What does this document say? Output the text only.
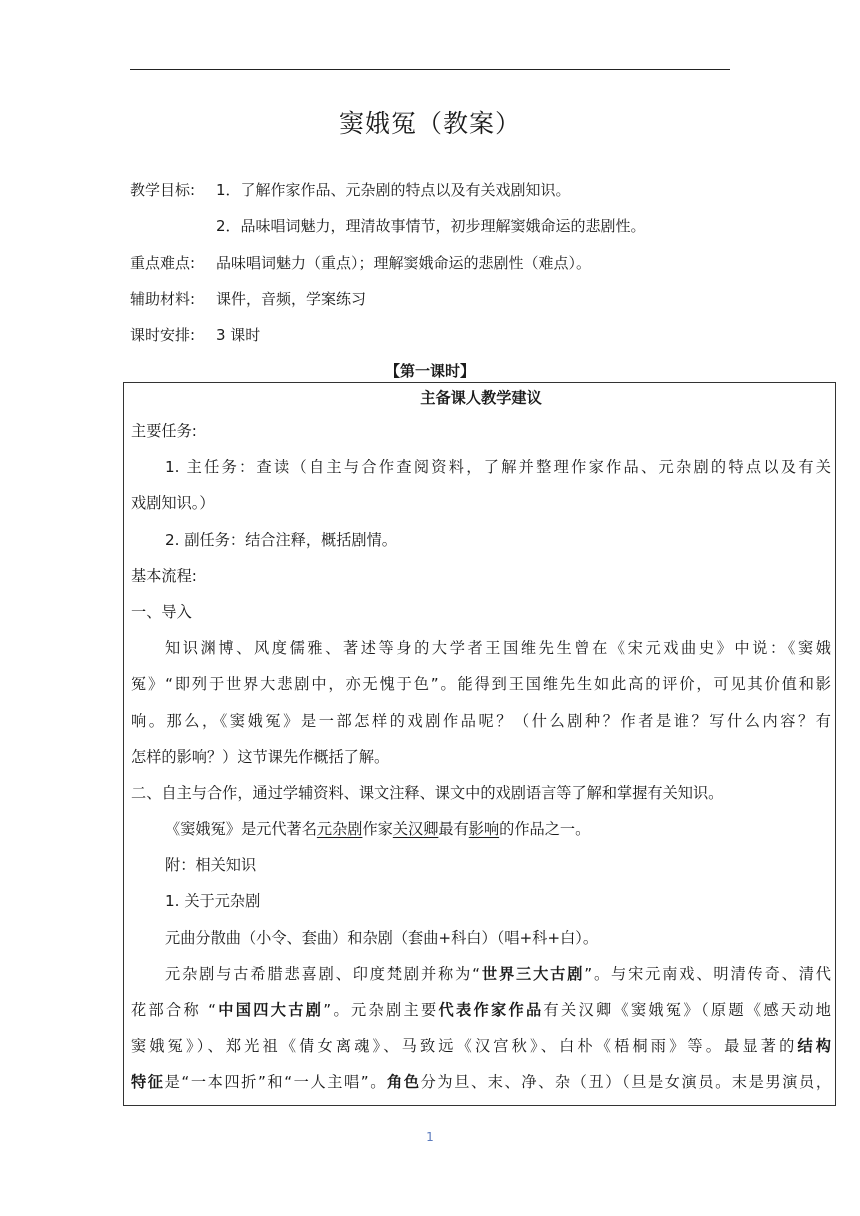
窦娥冤（教案）
教学目标: 1．了解作家作品、元杂剧的特点以及有关戏剧知识。
2．品味唱词魅力，理清故事情节，初步理解窦娥命运的悲剧性。
重点难点: 品味唱词魅力（重点）；理解窦娥命运的悲剧性（难点）。
辅助材料: 课件，音频，学案练习
课时安排: 3 课时
【第一课时】
主备课人教学建议
主要任务:
1. 主任务：查读（自主与合作查阅资料，了解并整理作家作品、元杂剧的特点以及有关
戏剧知识。）
2. 副任务：结合注释，概括剧情。
基本流程:
一、导入
知识渊博、风度儒雅、著述等身的大学者王国维先生曾在《宋元戏曲史》中说：《窦娥
冤》“即列于世界大悲剧中，亦无愧于色”。能得到王国维先生如此高的评价，可见其价值和影
响。那么，《窦娥冤》是一部怎样的戏剧作品呢？（什么剧种？作者是谁？写什么内容？有
怎样的影响？）这节课先作概括了解。
二、自主与合作，通过学辅资料、课文注释、课文中的戏剧语言等了解和掌握有关知识。
《窦娥冤》是元代著名元杂剧作家关汉卿最有影响的作品之一。
附：相关知识
1. 关于元杂剧
元曲分散曲（小令、套曲）和杂剧（套曲+科白）（唱+科+白）。
元杂剧与古希腊悲喜剧、印度梵剧并称为“世界三大古剧”。与宋元南戏、明清传奇、清代
花部合称 “中国四大古剧”。元杂剧主要代表作家作品有关汉卿《窦娥冤》（原题《感天动地
窦娥冤》）、郑光祖《倩女离魂》、马致远《汉宫秋》、白朴《梧桐雨》等。最显著的结构
特征是“一本四折”和“一人主唱”。角色分为旦、末、净、杂（丑）（旦是女演员。末是男演员，
1
